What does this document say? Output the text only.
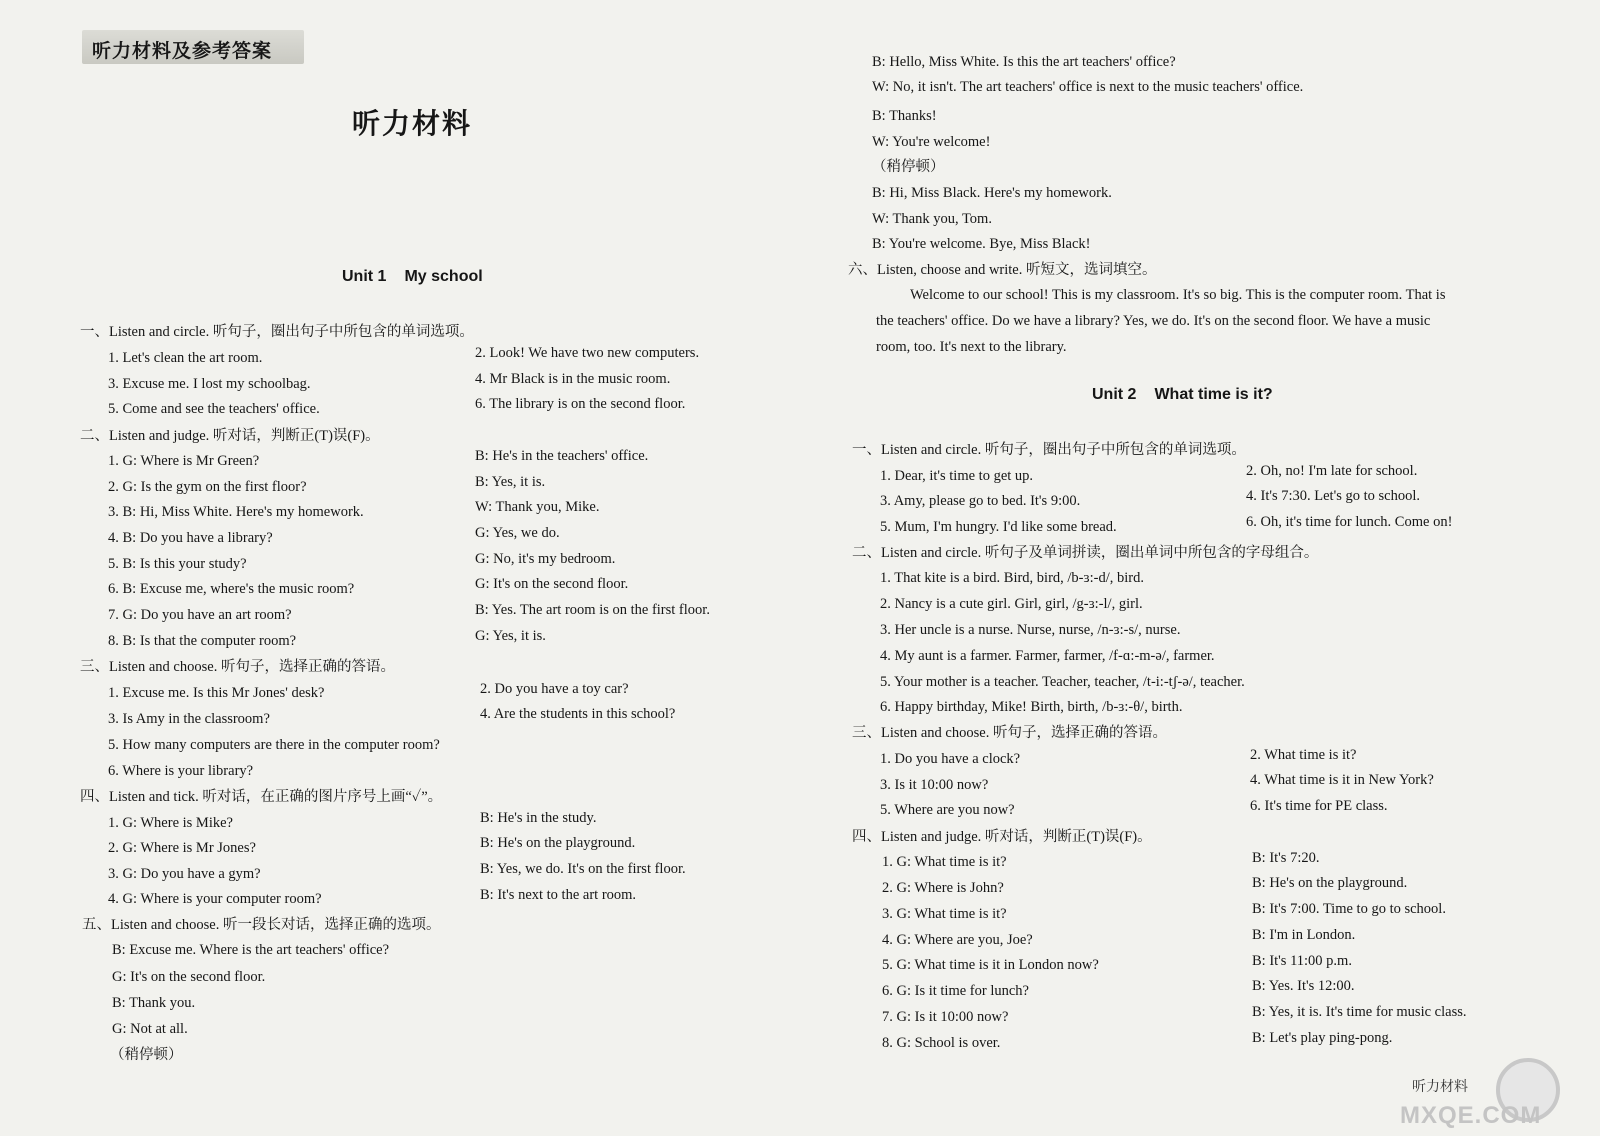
听力材料及参考答案
听力材料
Unit 1 My school
一、Listen and circle. 听句子，圈出句子中所包含的单词选项。
1. Let's clean the art room.	2. Look! We have two new computers.
3. Excuse me. I lost my schoolbag.	4. Mr Black is in the music room.
5. Come and see the teachers' office.	6. The library is on the second floor.
二、Listen and judge. 听对话，判断正(T)误(F)。
1. G: Where is Mr Green?	B: He's in the teachers' office.
2. G: Is the gym on the first floor?	B: Yes, it is.
3. B: Hi, Miss White. Here's my homework.	W: Thank you, Mike.
4. B: Do you have a library?	G: Yes, we do.
5. B: Is this your study?	G: No, it's my bedroom.
6. B: Excuse me, where's the music room?	G: It's on the second floor.
7. G: Do you have an art room?	B: Yes. The art room is on the first floor.
8. B: Is that the computer room?	G: Yes, it is.
三、Listen and choose. 听句子，选择正确的答语。
1. Excuse me. Is this Mr Jones' desk?	2. Do you have a toy car?
3. Is Amy in the classroom?	4. Are the students in this school?
5. How many computers are there in the computer room?
6. Where is your library?
四、Listen and tick. 听对话，在正确的图片序号上画“✓”。
1. G: Where is Mike?	B: He's in the study.
2. G: Where is Mr Jones?	B: He's on the playground.
3. G: Do you have a gym?	B: Yes, we do. It's on the first floor.
4. G: Where is your computer room?	B: It's next to the art room.
五、Listen and choose. 听一段长对话，选择正确的选项。
B: Excuse me. Where is the art teachers' office?
G: It's on the second floor.
B: Thank you.
G: Not at all.
（稍停顿）
B: Hello, Miss White. Is this the art teachers' office?
W: No, it isn't. The art teachers' office is next to the music teachers' office.
B: Thanks!
W: You're welcome!
（稍停顿）
B: Hi, Miss Black. Here's my homework.
W: Thank you, Tom.
B: You're welcome. Bye, Miss Black!
六、Listen, choose and write. 听短文，选词填空。
Welcome to our school! This is my classroom. It's so big. This is the computer room. That is
the teachers' office. Do we have a library? Yes, we do. It's on the second floor. We have a music
room, too. It's next to the library.
Unit 2 What time is it?
一、Listen and circle. 听句子，圈出句子中所包含的单词选项。
1. Dear, it's time to get up.	2. Oh, no! I'm late for school.
3. Amy, please go to bed. It's 9:00.	4. It's 7:30. Let's go to school.
5. Mum, I'm hungry. I'd like some bread.	6. Oh, it's time for lunch. Come on!
二、Listen and circle. 听句子及单词拼读，圈出单词中所包含的字母组合。
1. That kite is a bird. Bird, bird, /b-ɜ:-d/, bird.
2. Nancy is a cute girl. Girl, girl, /g-ɜ:-l/, girl.
3. Her uncle is a nurse. Nurse, nurse, /n-ɜ:-s/, nurse.
4. My aunt is a farmer. Farmer, farmer, /f-ɑ:-m-ə/, farmer.
5. Your mother is a teacher. Teacher, teacher, /t-i:-tʃ-ə/, teacher.
6. Happy birthday, Mike! Birth, birth, /b-ɜ:-θ/, birth.
三、Listen and choose. 听句子，选择正确的答语。
1. Do you have a clock?	2. What time is it?
3. Is it 10:00 now?	4. What time is it in New York?
5. Where are you now?	6. It's time for PE class.
四、Listen and judge. 听对话，判断正(T)误(F)。
1. G: What time is it?	B: It's 7:20.
2. G: Where is John?	B: He's on the playground.
3. G: What time is it?	B: It's 7:00. Time to go to school.
4. G: Where are you, Joe?	B: I'm in London.
5. G: What time is it in London now?	B: It's 11:00 p.m.
6. G: Is it time for lunch?	B: Yes. It's 12:00.
7. G: Is it 10:00 now?	B: Yes, it is. It's time for music class.
8. G: School is over.	B: Let's play ping-pong.
听力材料
MXQE.COM
